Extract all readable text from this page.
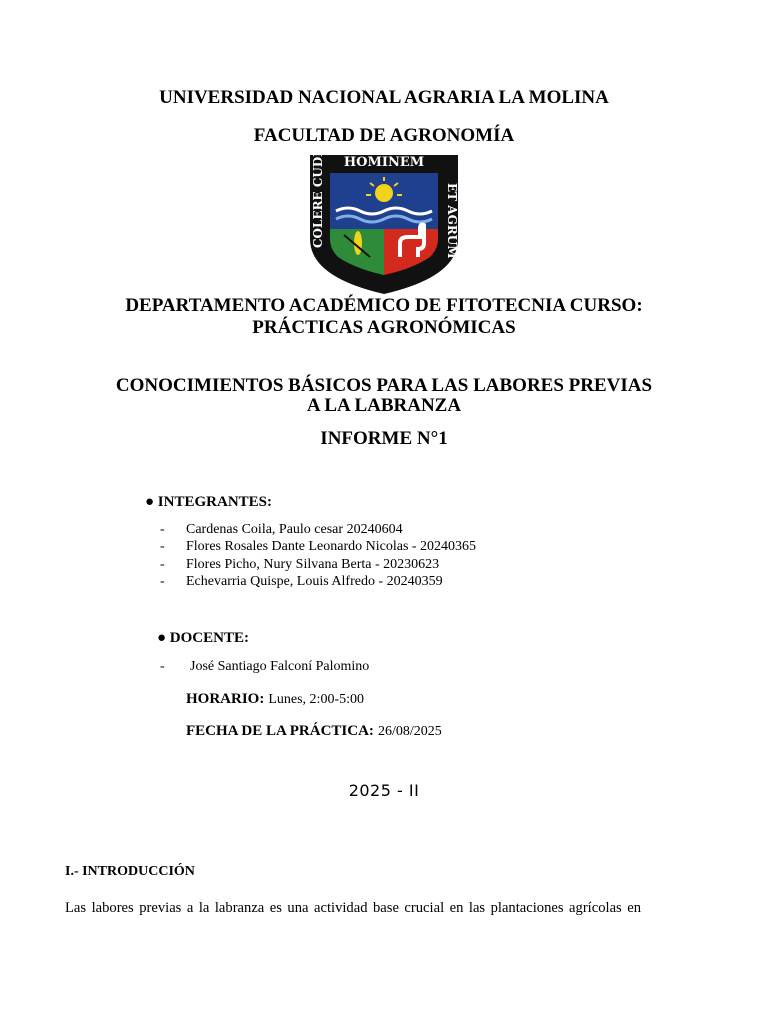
UNIVERSIDAD NACIONAL AGRARIA LA MOLINA
FACULTAD DE AGRONOMÍA
HOMINEM
COLERE CUDIO	ET AGRUM
DEPARTAMENTO ACADÉMICO DE FITOTECNIA CURSO:
PRÁCTICAS AGRONÓMICAS
CONOCIMIENTOS BÁSICOS PARA LAS LABORES PREVIAS
A LA LABRANZA
INFORME N°1
● INTEGRANTES:
-	Cardenas Coila, Paulo cesar 20240604
-	Flores Rosales Dante Leonardo Nicolas - 20240365
-	Flores Picho, Nury Silvana Berta - 20230623
-	Echevarria Quispe, Louis Alfredo - 20240359
● DOCENTE:
-	José Santiago Falconí Palomino
HORARIO: Lunes, 2:00-5:00
FECHA DE LA PRÁCTICA: 26/08/2025
2025 - II
I.- INTRODUCCIÓN
Las labores previas a la labranza es una actividad base crucial en las plantaciones agrícolas en
